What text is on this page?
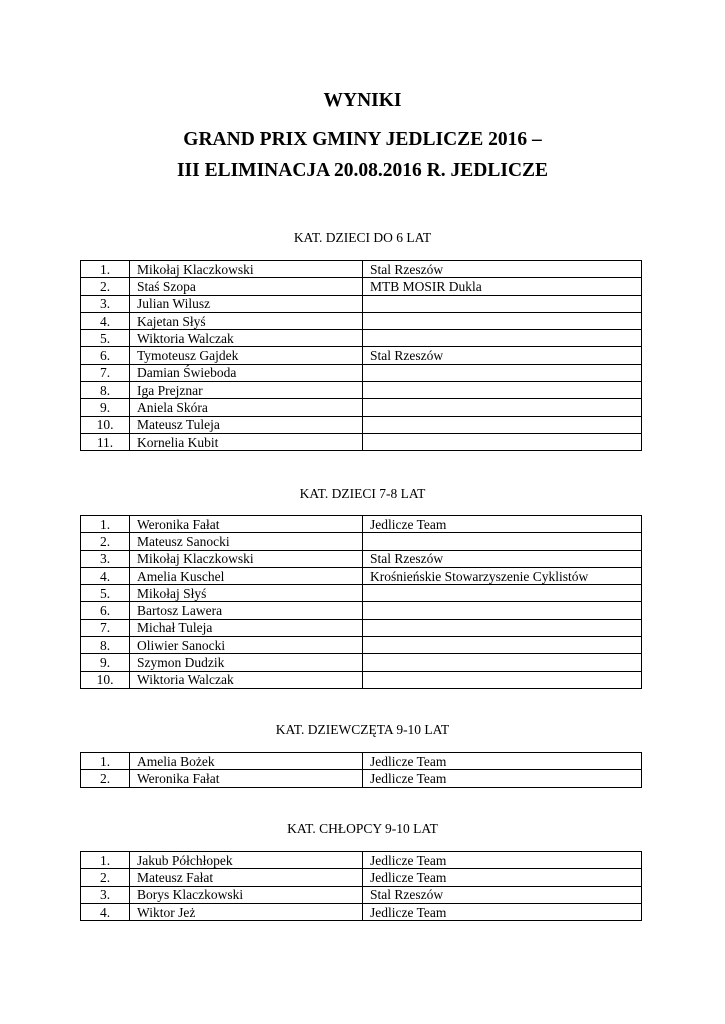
WYNIKI
GRAND PRIX GMINY JEDLICZE 2016 –
III ELIMINACJA 20.08.2016 R. JEDLICZE
KAT. DZIECI DO 6 LAT
1.	Mikołaj Klaczkowski	Stal Rzeszów
2.	Staś Szopa	MTB MOSIR Dukla
3.	Julian Wilusz	
4.	Kajetan Słyś	
5.	Wiktoria Walczak	
6.	Tymoteusz Gajdek	Stal Rzeszów
7.	Damian Świeboda	
8.	Iga Prejznar	
9.	Aniela Skóra	
10.	Mateusz Tuleja	
11.	Kornelia Kubit	
KAT. DZIECI 7-8 LAT
1.	Weronika Fałat	Jedlicze Team
2.	Mateusz Sanocki	
3.	Mikołaj Klaczkowski	Stal Rzeszów
4.	Amelia Kuschel	Krośnieńskie Stowarzyszenie Cyklistów
5.	Mikołaj Słyś	
6.	Bartosz Lawera	
7.	Michał Tuleja	
8.	Oliwier Sanocki	
9.	Szymon Dudzik	
10.	Wiktoria Walczak	
KAT. DZIEWCZĘTA 9-10 LAT
1.	Amelia Bożek	Jedlicze Team
2.	Weronika Fałat	Jedlicze Team
KAT. CHŁOPCY 9-10 LAT
1.	Jakub Półchłopek	Jedlicze Team
2.	Mateusz Fałat	Jedlicze Team
3.	Borys Klaczkowski	Stal Rzeszów
4.	Wiktor Jeż	Jedlicze Team
